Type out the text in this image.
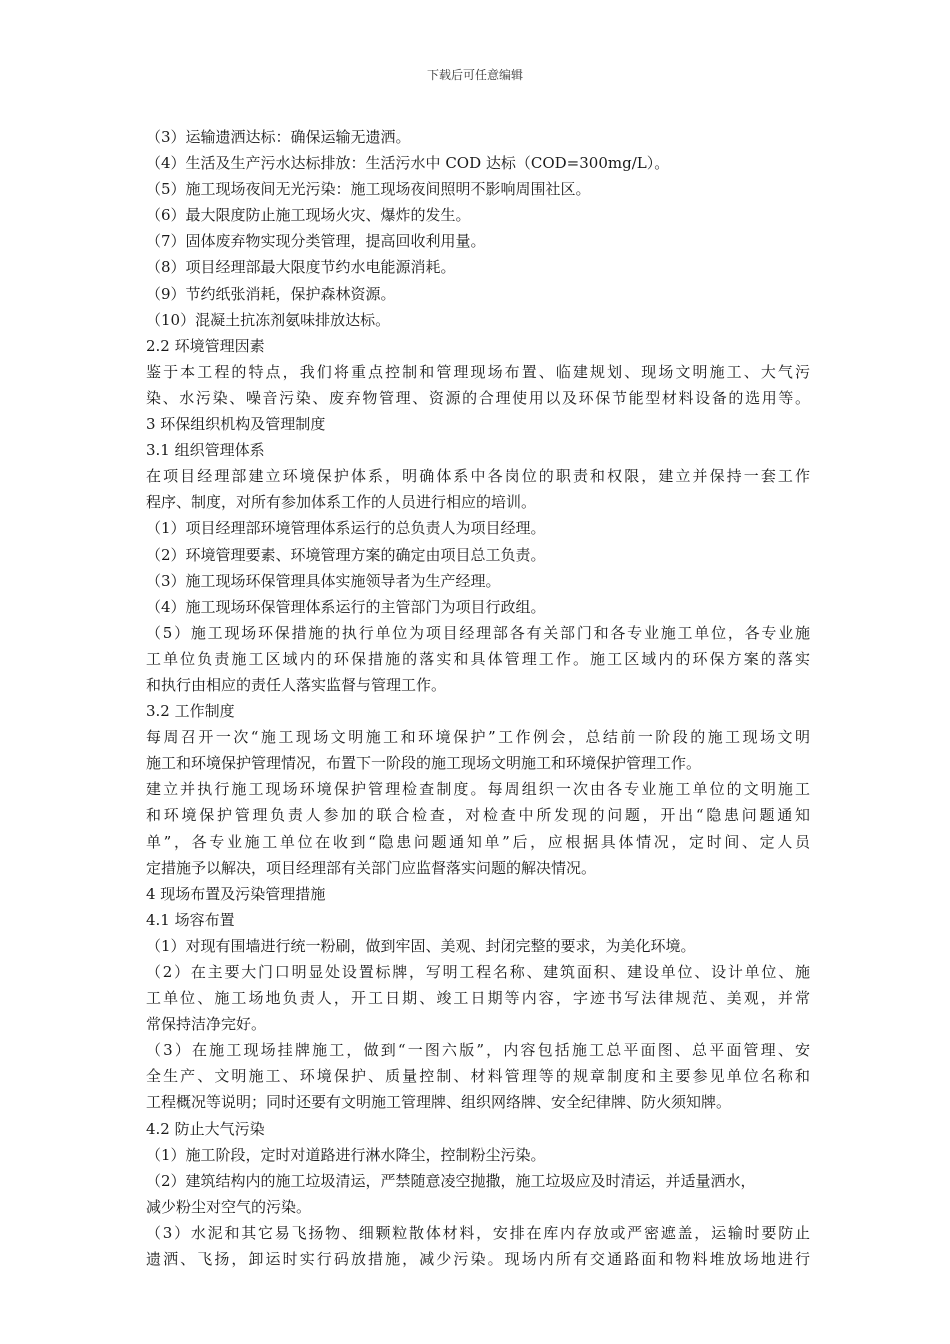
下载后可任意编辑
（3）运输遗洒达标：确保运输无遗洒。
（4）生活及生产污水达标排放：生活污水中 COD 达标（COD=300mg/L）。
（5）施工现场夜间无光污染：施工现场夜间照明不影响周围社区。
（6）最大限度防止施工现场火灾、爆炸的发生。
（7）固体废弃物实现分类管理，提高回收利用量。
（8）项目经理部最大限度节约水电能源消耗。
（9）节约纸张消耗，保护森林资源。
（10）混凝土抗冻剂氨味排放达标。
2.2 环境管理因素
鉴于本工程的特点，我们将重点控制和管理现场布置、临建规划、现场文明施工、大气污
染、水污染、噪音污染、废弃物管理、资源的合理使用以及环保节能型材料设备的选用等。
3 环保组织机构及管理制度
3.1 组织管理体系
在项目经理部建立环境保护体系，明确体系中各岗位的职责和权限，建立并保持一套工作
程序、制度，对所有参加体系工作的人员进行相应的培训。
（1）项目经理部环境管理体系运行的总负责人为项目经理。
（2）环境管理要素、环境管理方案的确定由项目总工负责。
（3）施工现场环保管理具体实施领导者为生产经理。
（4）施工现场环保管理体系运行的主管部门为项目行政组。
（5）施工现场环保措施的执行单位为项目经理部各有关部门和各专业施工单位，各专业施
工单位负责施工区域内的环保措施的落实和具体管理工作。施工区域内的环保方案的落实
和执行由相应的责任人落实监督与管理工作。
3.2 工作制度
每周召开一次“施工现场文明施工和环境保护”工作例会，总结前一阶段的施工现场文明
施工和环境保护管理情况，布置下一阶段的施工现场文明施工和环境保护管理工作。
建立并执行施工现场环境保护管理检查制度。每周组织一次由各专业施工单位的文明施工
和环境保护管理负责人参加的联合检查，对检查中所发现的问题，开出“隐患问题通知
单”，各专业施工单位在收到“隐患问题通知单”后，应根据具体情况，定时间、定人员
定措施予以解决，项目经理部有关部门应监督落实问题的解决情况。
4 现场布置及污染管理措施
4.1 场容布置
（1）对现有围墙进行统一粉刷，做到牢固、美观、封闭完整的要求，为美化环境。
（2）在主要大门口明显处设置标牌，写明工程名称、建筑面积、建设单位、设计单位、施
工单位、施工场地负责人，开工日期、竣工日期等内容，字迹书写法律规范、美观，并常
常保持洁净完好。
（3）在施工现场挂牌施工，做到“一图六版”，内容包括施工总平面图、总平面管理、安
全生产、文明施工、环境保护、质量控制、材料管理等的规章制度和主要参见单位名称和
工程概况等说明；同时还要有文明施工管理牌、组织网络牌、安全纪律牌、防火须知牌。
4.2 防止大气污染
（1）施工阶段，定时对道路进行淋水降尘，控制粉尘污染。
（2）建筑结构内的施工垃圾清运，严禁随意凌空抛撒，施工垃圾应及时清运，并适量洒水，
减少粉尘对空气的污染。
（3）水泥和其它易飞扬物、细颗粒散体材料，安排在库内存放或严密遮盖，运输时要防止
遗洒、飞扬，卸运时实行码放措施，减少污染。现场内所有交通路面和物料堆放场地进行
